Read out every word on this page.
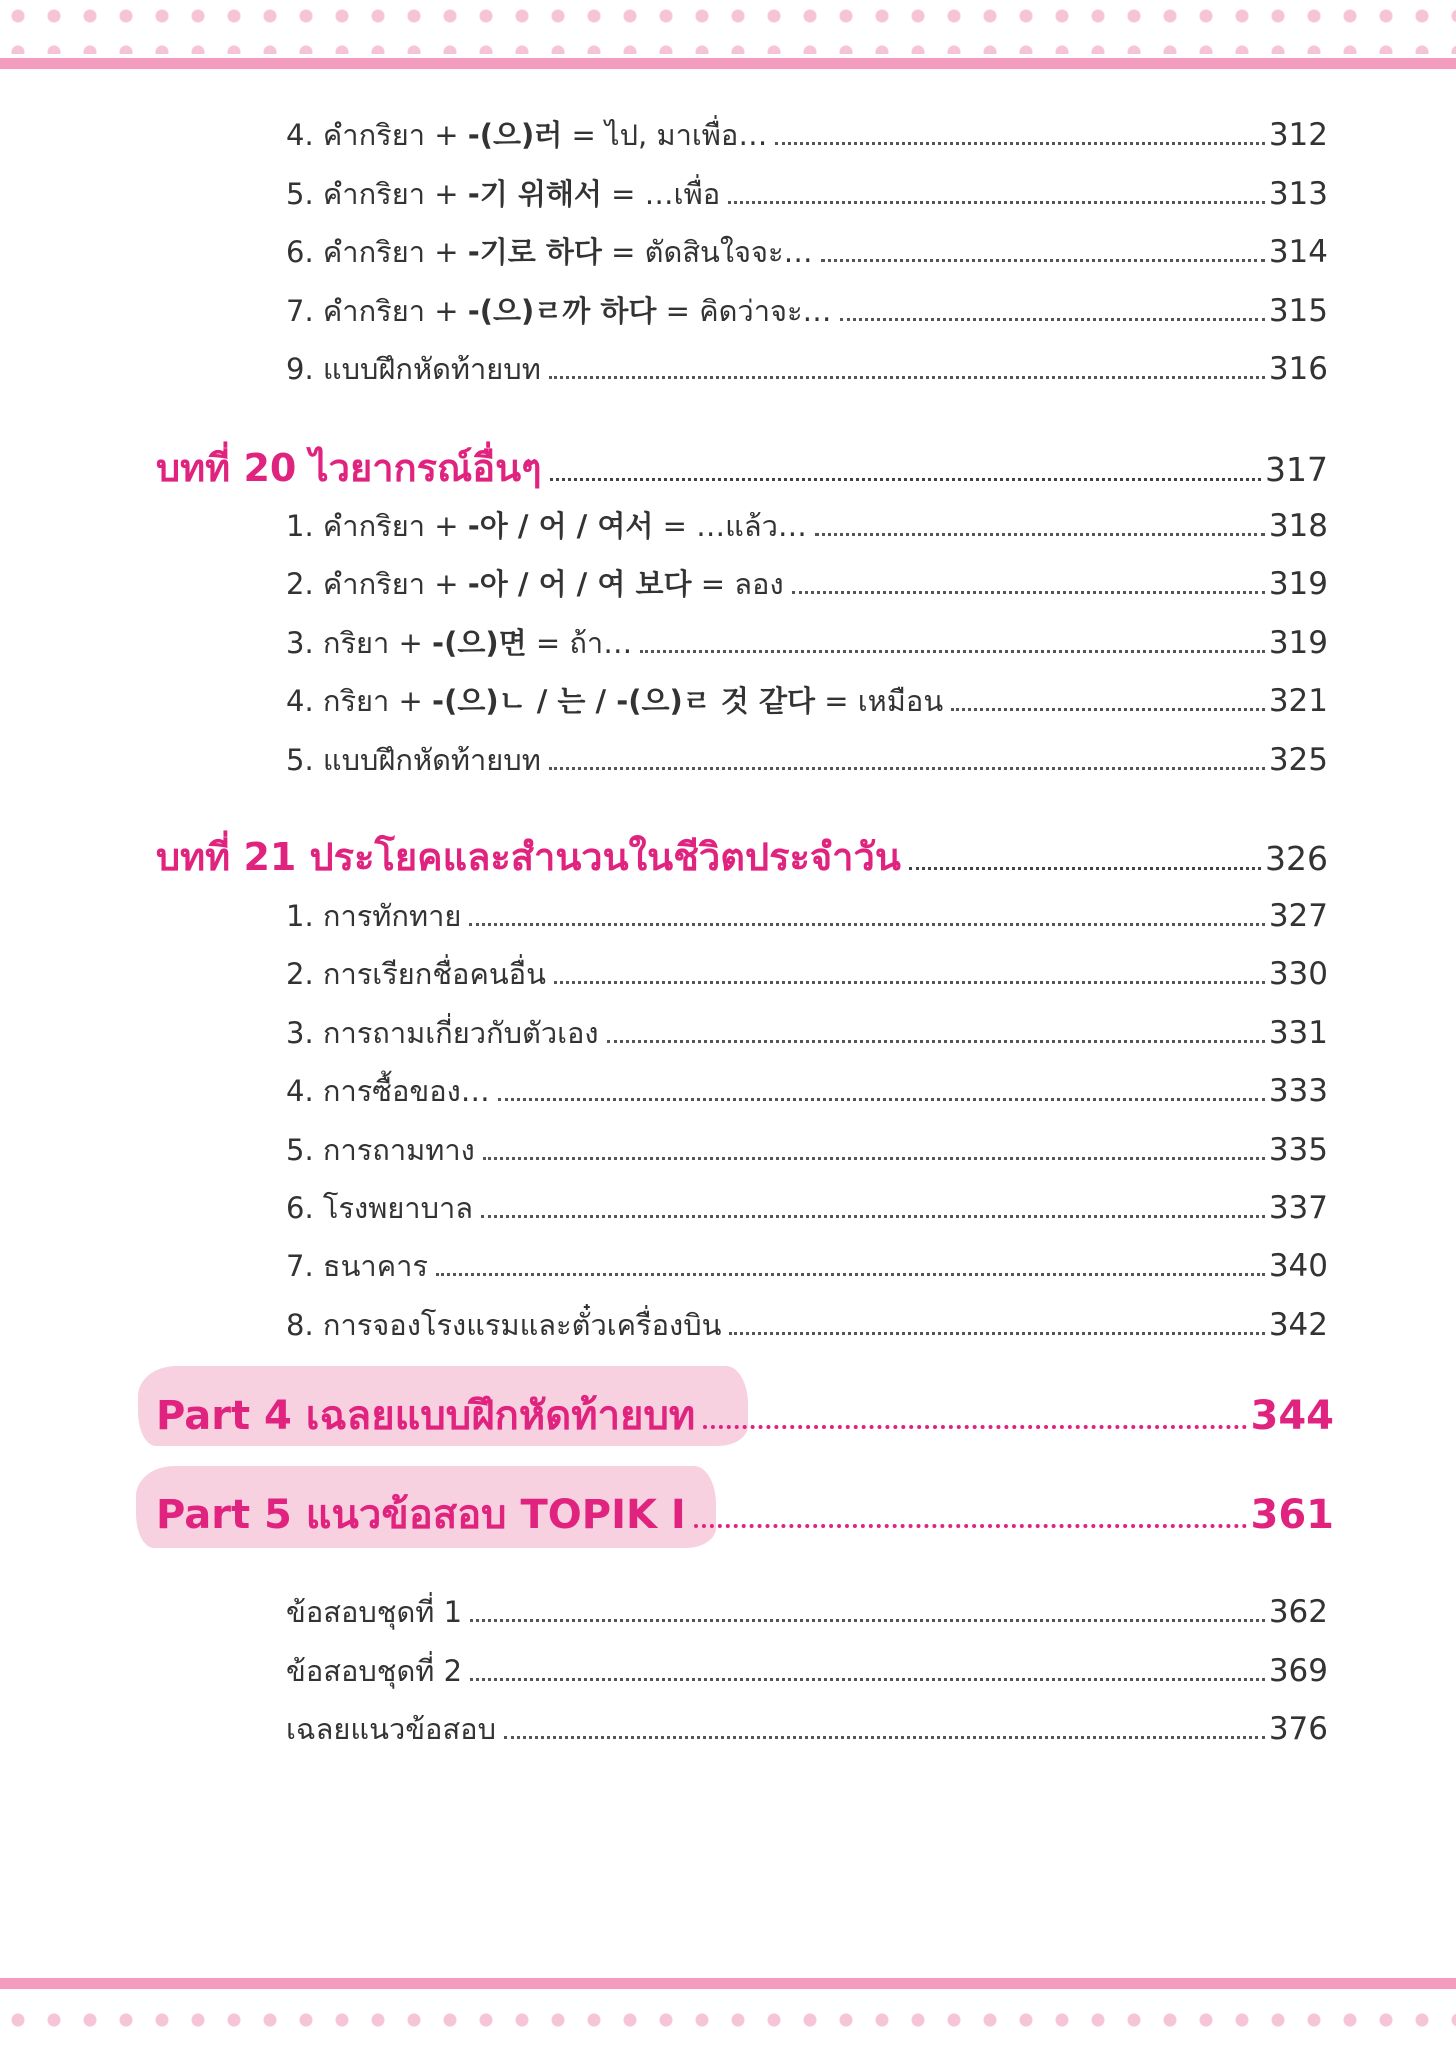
4. คำกริยา + -(으)러 = ไป, มาเพื่อ…	312
5. คำกริยา + -기 위해서 = …เพื่อ	313
6. คำกริยา + -기로 하다 = ตัดสินใจจะ…	314
7. คำกริยา + -(으)ㄹ까 하다 = คิดว่าจะ…	315
9. แบบฝึกหัดท้ายบท	316
บทที่ 20 ไวยากรณ์อื่นๆ	317
1. คำกริยา + -아 / 어 / 여서 = …แล้ว…	318
2. คำกริยา + -아 / 어 / 여 보다 = ลอง	319
3. กริยา + -(으)면 = ถ้า…	319
4. กริยา + -(으)ㄴ / 는 / -(으)ㄹ 것 같다 = เหมือน	321
5. แบบฝึกหัดท้ายบท	325
บทที่ 21 ประโยคและสำนวนในชีวิตประจำวัน	326
1. การทักทาย	327
2. การเรียกชื่อคนอื่น	330
3. การถามเกี่ยวกับตัวเอง	331
4. การซื้อของ…	333
5. การถามทาง	335
6. โรงพยาบาล	337
7. ธนาคาร	340
8. การจองโรงแรมและตั๋วเครื่องบิน	342
Part 4 เฉลยแบบฝึกหัดท้ายบท	344
Part 5 แนวข้อสอบ TOPIK I	361
ข้อสอบชุดที่ 1	362
ข้อสอบชุดที่ 2	369
เฉลยแนวข้อสอบ	376
